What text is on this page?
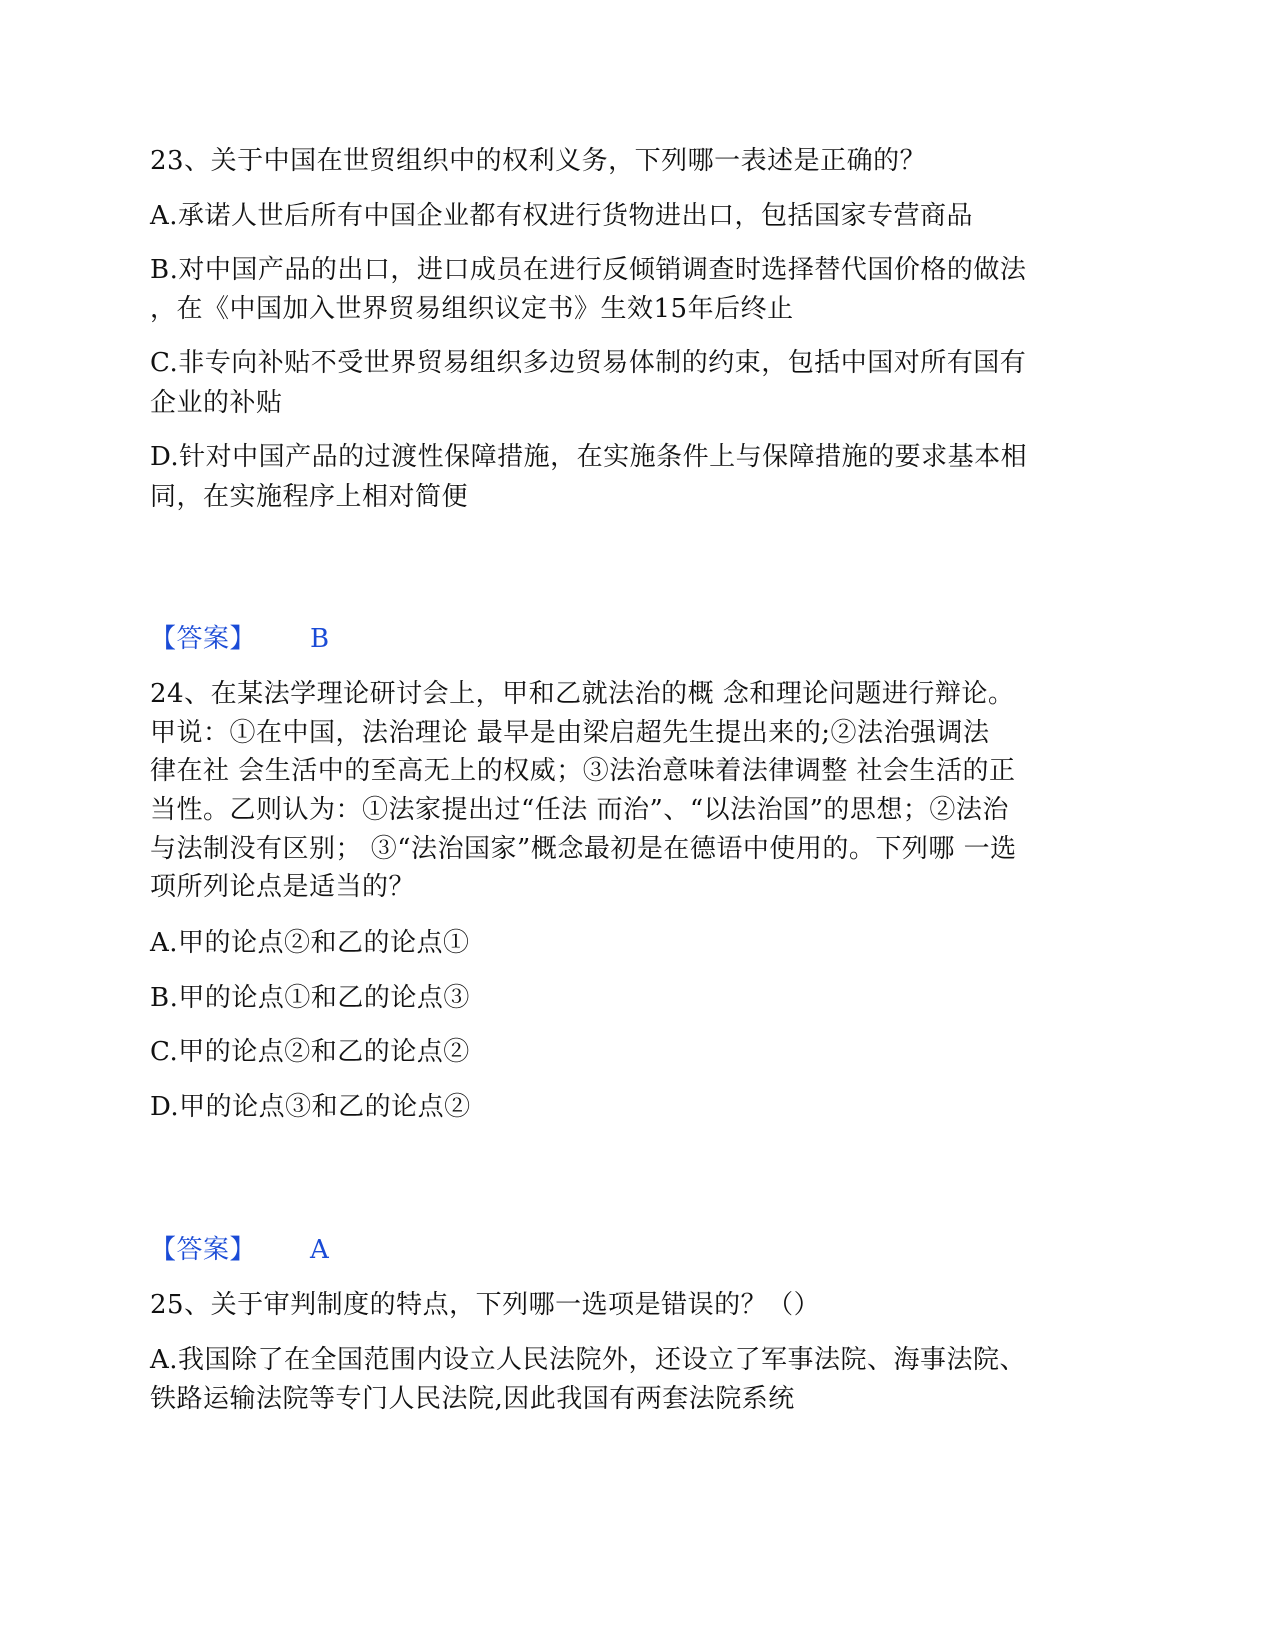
23、关于中国在世贸组织中的权利义务，下列哪一表述是正确的？
A.承诺人世后所有中国企业都有权进行货物进出口，包括国家专营商品
B.对中国产品的出口，进口成员在进行反倾销调查时选择替代国价格的做法
，在《中国加入世界贸易组织议定书》生效15年后终止
C.非专向补贴不受世界贸易组织多边贸易体制的约束，包括中国对所有国有
企业的补贴
D.针对中国产品的过渡性保障措施，在实施条件上与保障措施的要求基本相
同，在实施程序上相对简便
【答案】 B
24、在某法学理论研讨会上，甲和乙就法治的概 念和理论问题进行辩论。
甲说：①在中国，法治理论 最早是由梁启超先生提出来的;②法治强调法
律在社 会生活中的至高无上的权威；③法治意味着法律调整 社会生活的正
当性。乙则认为：①法家提出过“任法 而治”、“以法治国”的思想；②法治
与法制没有区别； ③“法治国家”概念最初是在德语中使用的。下列哪 一选
项所列论点是适当的？
A.甲的论点②和乙的论点①
B.甲的论点①和乙的论点③
C.甲的论点②和乙的论点②
D.甲的论点③和乙的论点②
【答案】 A
25、关于审判制度的特点，下列哪一选项是错误的？（）
A.我国除了在全国范围内设立人民法院外，还设立了军事法院、海事法院、
铁路运输法院等专门人民法院,因此我国有两套法院系统
